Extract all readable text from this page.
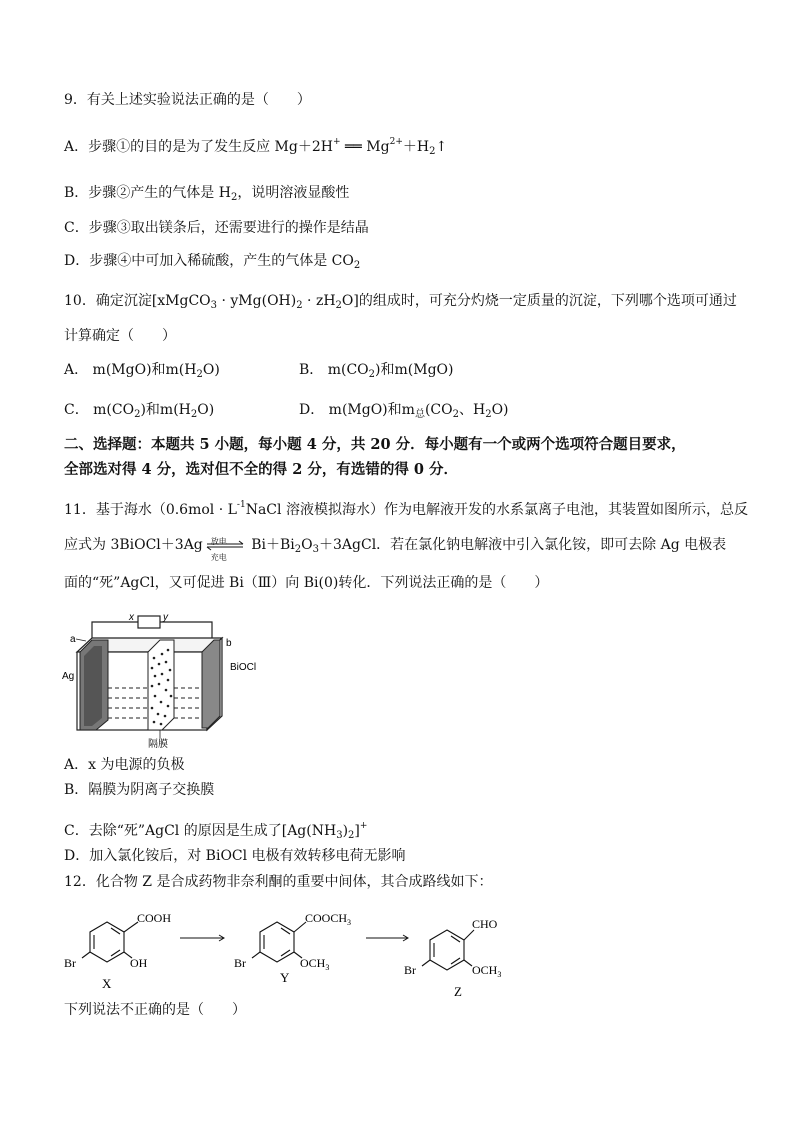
9．有关上述实验说法正确的是（　　）
A．步骤①的目的是为了发生反应 Mg＋2H+ ══ $Mg^{2+}+H_2↑$
B．步骤②产生的气体是 $H_2$，说明溶液显酸性
C．步骤③取出镁条后，还需要进行的操作是结晶
D．步骤④中可加入稀硫酸，产生的气体是 $CO_2$
10．确定沉淀[xMgCO$_3$ · $yMg(OH)_2 \cdot zH_2O$]的组成时，可充分灼烧一定质量的沉淀，下列哪个选项可通过
计算确定（　　）
A． m(MgO)和$m(H_2O)$	B． $m(CO_2)$和m(MgO)
C． $m(CO_2)$和$m(H_2O)$	D． m(MgO)和$m_总(CO_2$、$H_2O$)
二、选择题：本题共 5 小题，每小题 4 分，共 20 分．每小题有一个或两个选项符合题目要求，
全部选对得 4 分，选对但不全的得 2 分，有选错的得 0 分．
11．基于海水（$0.6mol \cdot L^{-1}NaCl$ 溶液模拟海水）作为电解液开发的水系氯离子电池，其装置如图所示，总反
应式为 3BiOCl＋3Ag 放电
充电
$Bi+Bi_2O_3+3AgCl$．若在氯化钠电解液中引入氯化铵，即可去除 Ag 电极表
面的“死”AgCl，又可促进 Bi（Ⅲ）向 Bi(0)转化．下列说法正确的是（　　）
x	y
a	b
Ag
BiOCl
隔膜
A．x 为电源的负极
B．隔膜为阴离子交换膜
C．去除“死”AgCl 的原因是生成了$[Ag(NH_3)_2]^+$
D．加入氯化铵后，对 BiOCl 电极有效转移电荷无影响
12．化合物 Z 是合成药物非奈利酮的重要中间体，其合成路线如下：
COOH
OH
Br
X
$COOCH_3$
$OCH_3$
Br
Y
CHO
$OCH_3$
Br
Z
下列说法不正确的是（　　）
